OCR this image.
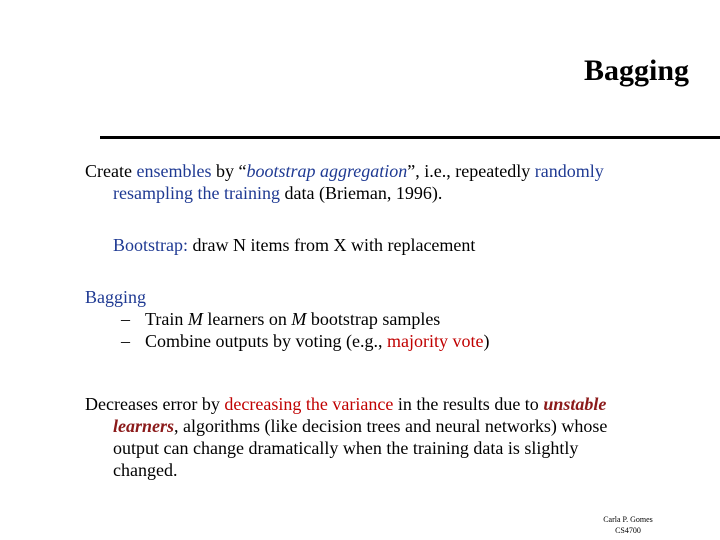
Bagging
Create ensembles by “bootstrap aggregation”, i.e., repeatedly randomly
resampling the training data (Brieman, 1996).
Bootstrap: draw N items from X with replacement
Bagging
– Train M learners on M bootstrap samples
– Combine outputs by voting (e.g., majority vote)
Decreases error by decreasing the variance in the results due to unstable
learners, algorithms (like decision trees and neural networks) whose
output can change dramatically when the training data is slightly
changed.
Carla P. Gomes
CS4700
